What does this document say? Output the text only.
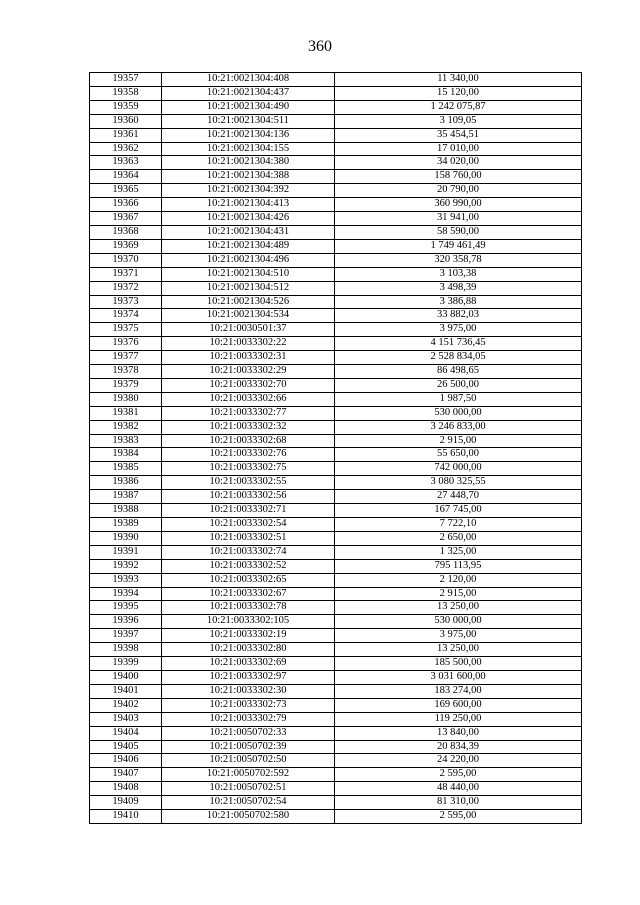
360
19357	10:21:0021304:408	11 340,00
19358	10:21:0021304:437	15 120,00
19359	10:21:0021304:490	1 242 075,87
19360	10:21:0021304:511	3 109,05
19361	10:21:0021304:136	35 454,51
19362	10:21:0021304:155	17 010,00
19363	10:21:0021304:380	34 020,00
19364	10:21:0021304:388	158 760,00
19365	10:21:0021304:392	20 790,00
19366	10:21:0021304:413	360 990,00
19367	10:21:0021304:426	31 941,00
19368	10:21:0021304:431	58 590,00
19369	10:21:0021304:489	1 749 461,49
19370	10:21:0021304:496	320 358,78
19371	10:21:0021304:510	3 103,38
19372	10:21:0021304:512	3 498,39
19373	10:21:0021304:526	3 386,88
19374	10:21:0021304:534	33 882,03
19375	10:21:0030501:37	3 975,00
19376	10:21:0033302:22	4 151 736,45
19377	10:21:0033302:31	2 528 834,05
19378	10:21:0033302:29	86 498,65
19379	10:21:0033302:70	26 500,00
19380	10:21:0033302:66	1 987,50
19381	10:21:0033302:77	530 000,00
19382	10:21:0033302:32	3 246 833,00
19383	10:21:0033302:68	2 915,00
19384	10:21:0033302:76	55 650,00
19385	10:21:0033302:75	742 000,00
19386	10:21:0033302:55	3 080 325,55
19387	10:21:0033302:56	27 448,70
19388	10:21:0033302:71	167 745,00
19389	10:21:0033302:54	7 722,10
19390	10:21:0033302:51	2 650,00
19391	10:21:0033302:74	1 325,00
19392	10:21:0033302:52	795 113,95
19393	10:21:0033302:65	2 120,00
19394	10:21:0033302:67	2 915,00
19395	10:21:0033302:78	13 250,00
19396	10:21:0033302:105	530 000,00
19397	10:21:0033302:19	3 975,00
19398	10:21:0033302:80	13 250,00
19399	10:21:0033302:69	185 500,00
19400	10:21:0033302:97	3 031 600,00
19401	10:21:0033302:30	183 274,00
19402	10:21:0033302:73	169 600,00
19403	10:21:0033302:79	119 250,00
19404	10:21:0050702:33	13 840,00
19405	10:21:0050702:39	20 834,39
19406	10:21:0050702:50	24 220,00
19407	10:21:0050702:592	2 595,00
19408	10:21:0050702:51	48 440,00
19409	10:21:0050702:54	81 310,00
19410	10:21:0050702:580	2 595,00
